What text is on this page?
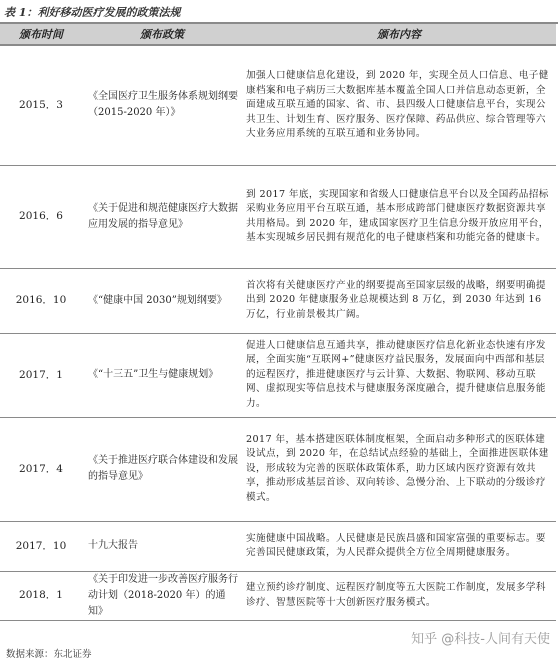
表 1：利好移动医疗发展的政策法规
颁布时间	颁布政策	颁布内容
2015．3	《全国医疗卫生服务体系规划纲要（2015-2020 年）》	加强人口健康信息化建设，到 2020 年，实现全员人口信息、电子健康档案和电子病历三大数据库基本覆盖全国人口并信息动态更新，全面建成互联互通的国家、省、市、县四级人口健康信息平台，实现公共卫生、计划生育、医疗服务、医疗保障、药品供应、综合管理等六大业务应用系统的互联互通和业务协同。
2016．6	《关于促进和规范健康医疗大数据应用发展的指导意见》	到 2017 年底，实现国家和省级人口健康信息平台以及全国药品招标采购业务应用平台互联互通，基本形成跨部门健康医疗数据资源共享共用格局。到 2020 年，建成国家医疗卫生信息分级开放应用平台，基本实现城乡居民拥有规范化的电子健康档案和功能完备的健康卡。
2016．10	《“健康中国 2030”规划纲要》	首次将有关健康医疗产业的纲要提高至国家层级的战略，纲要明确提出到 2020 年健康服务业总规模达到 8 万亿，到 2030 年达到 16 万亿，行业前景极其广阔。
2017．1	《“十三五”卫生与健康规划》	促进人口健康信息互通共享，推动健康医疗信息化新业态快速有序发展，全面实施“互联网+”健康医疗益民服务，发展面向中西部和基层的远程医疗，推进健康医疗与云计算、大数据、物联网、移动互联网、虚拟现实等信息技术与健康服务深度融合，提升健康信息服务能力。
2017．4	《关于推进医疗联合体建设和发展的指导意见》	2017 年，基本搭建医联体制度框架，全面启动多种形式的医联体建设试点，到 2020 年，在总结试点经验的基础上，全面推进医联体建设，形成较为完善的医联体政策体系，助力区域内医疗资源有效共享，推动形成基层首诊、双向转诊、急慢分治、上下联动的分级诊疗模式。
2017．10	十九大报告	实施健康中国战略。人民健康是民族昌盛和国家富强的重要标志。要完善国民健康政策，为人民群众提供全方位全周期健康服务。
2018．1	《关于印发进一步改善医疗服务行动计划（2018-2020 年）的通知》	建立预约诊疗制度、远程医疗制度等五大医院工作制度，发展多学科诊疗、智慧医院等十大创新医疗服务模式。
数据来源：东北证券
知乎 @科技-人间有天使
